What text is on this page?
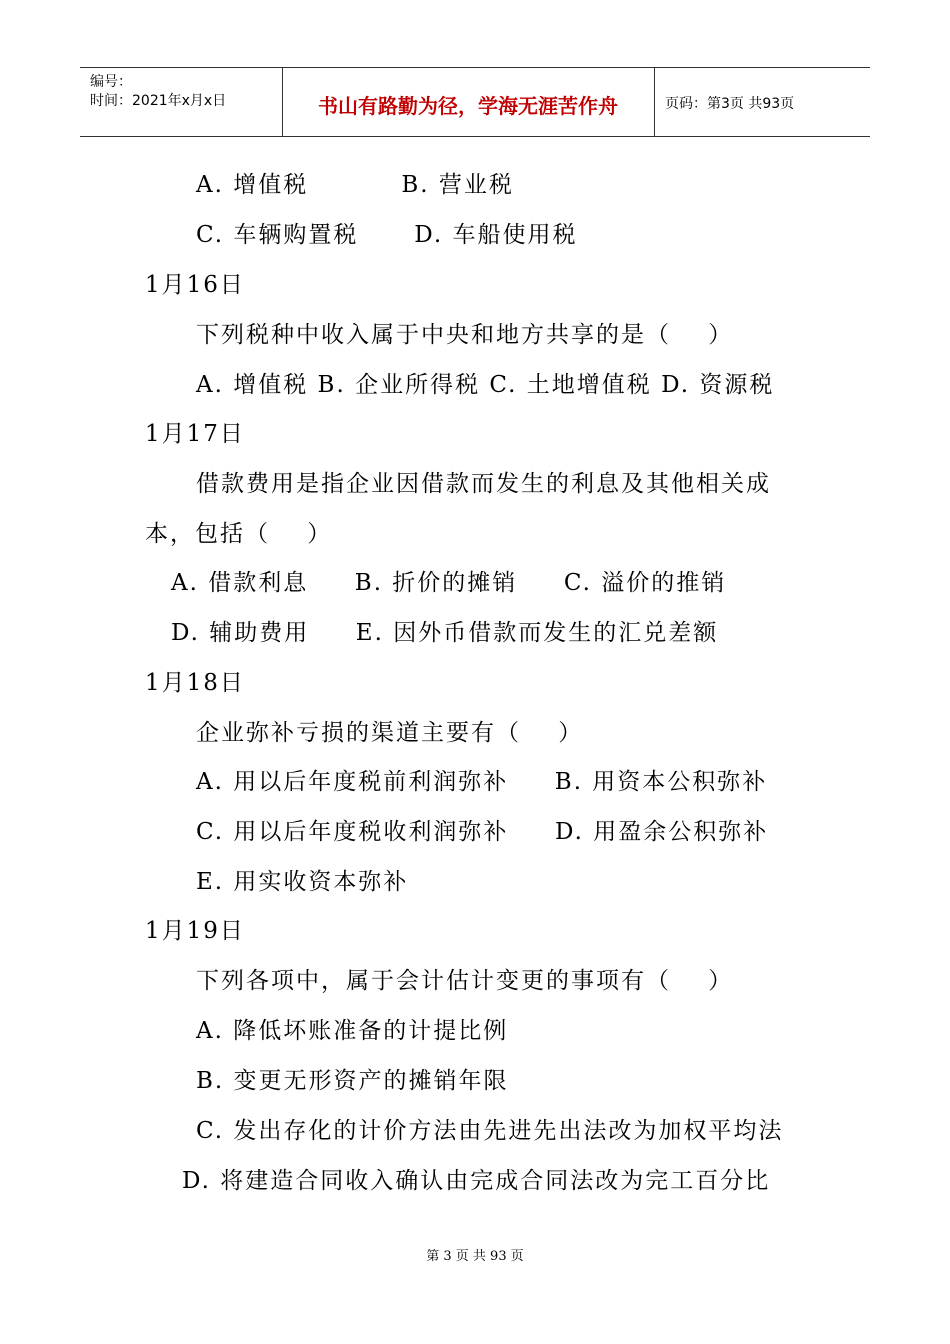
编号：
时间：2021年x月x日	书山有路勤为径，学海无涯苦作舟	页码：第3页 共93页
A. 增值税          B. 营业税
C. 车辆购置税      D. 车船使用税
1月16日
下列税种中收入属于中央和地方共享的是（    ）
A. 增值税 B. 企业所得税 C. 土地增值税 D. 资源税
1月17日
借款费用是指企业因借款而发生的利息及其他相关成
本，包括（    ）
A. 借款利息     B. 折价的摊销     C. 溢价的推销
D. 辅助费用     E. 因外币借款而发生的汇兑差额
1月18日
企业弥补亏损的渠道主要有（    ）
A. 用以后年度税前利润弥补     B. 用资本公积弥补
C. 用以后年度税收利润弥补     D. 用盈余公积弥补
E. 用实收资本弥补
1月19日
下列各项中，属于会计估计变更的事项有（    ）
A. 降低坏账准备的计提比例
B. 变更无形资产的摊销年限
C. 发出存化的计价方法由先进先出法改为加权平均法
D. 将建造合同收入确认由完成合同法改为完工百分比
第 3 页 共 93 页
